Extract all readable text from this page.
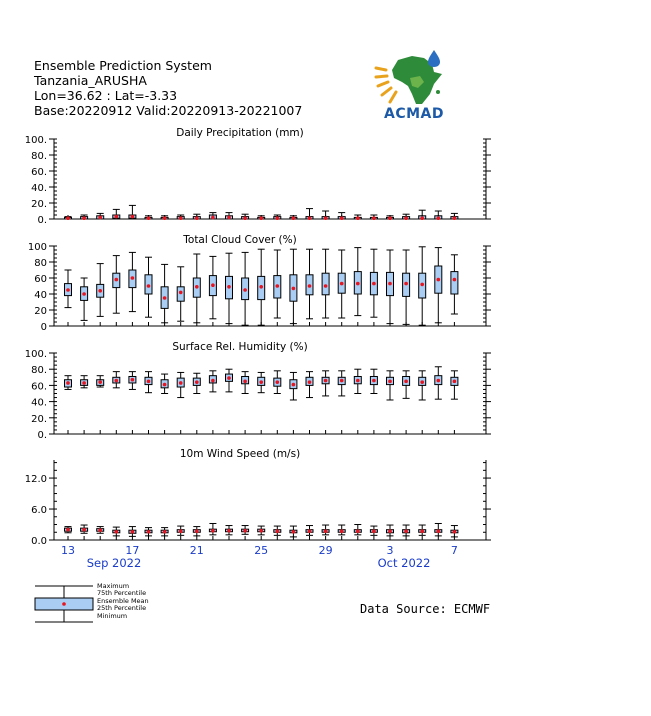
Ensemble Prediction System
Tanzania_ARUSHA
Lon=36.62 : Lat=-3.33
Base:20220912 Valid:20220913-20221007	ACMAD
0.
20.
40.
60.
80.
100.
Daily Precipitation (mm)
0
20
40
60
80
100
Total Cloud Cover (%)
0.
20.
40.
60.
80.
100.
Surface Rel. Humidity (%)
0.0
6.0
12.0
10m Wind Speed (m/s)
13	17	21	25	29	3	7
Sep 2022	Oct 2022
Maximum
75th Percentile
Ensemble Mean
25th Percentile
Minimum	Data Source: ECMWF
